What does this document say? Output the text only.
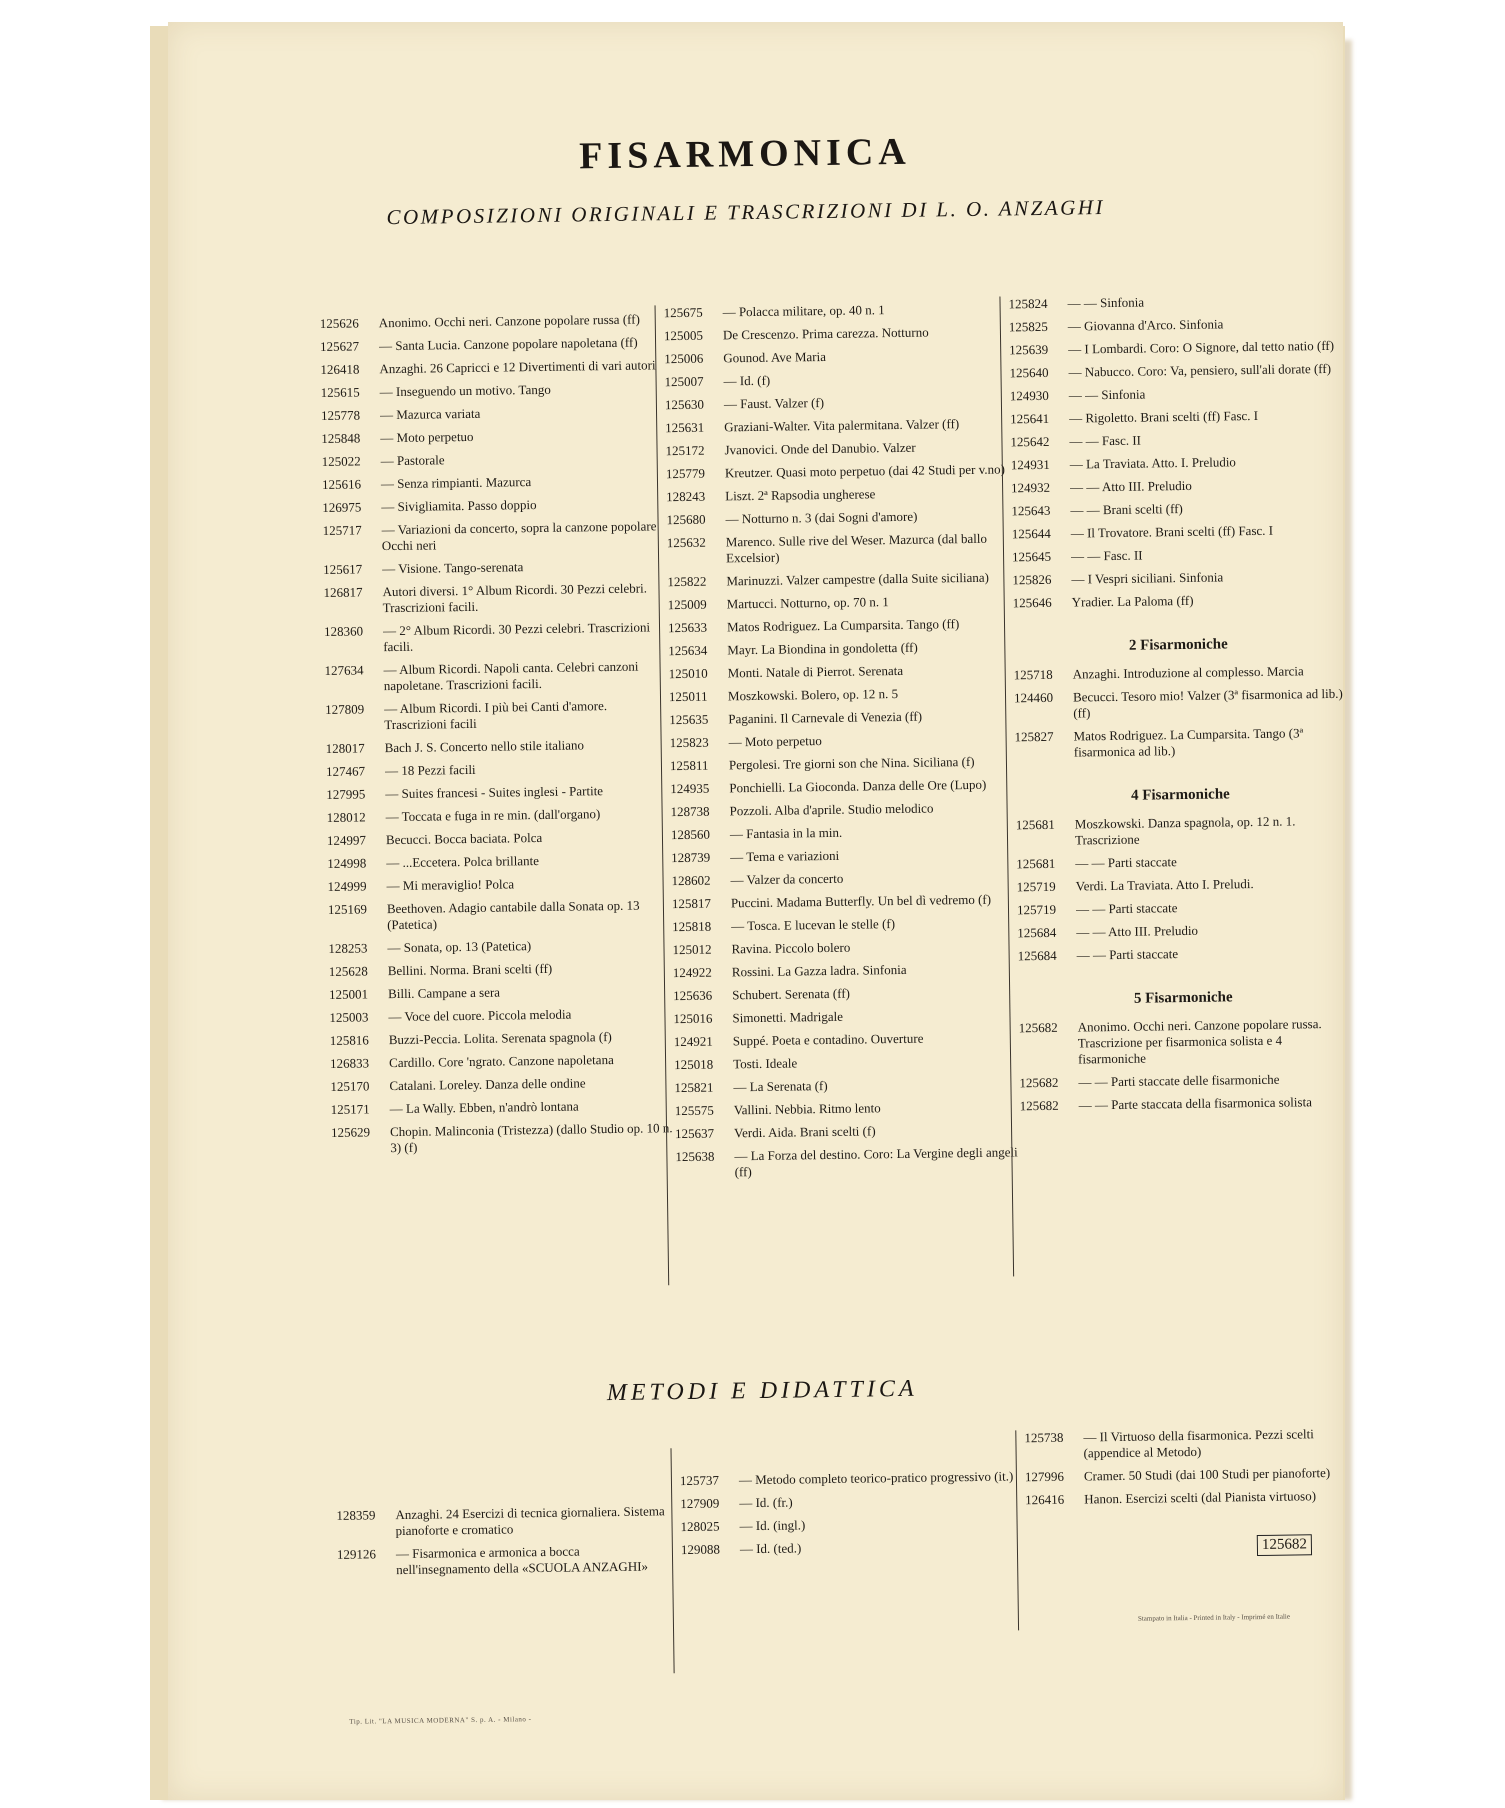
FISARMONICA
COMPOSIZIONI ORIGINALI E TRASCRIZIONI DI L. O. ANZAGHI
125626	Anonimo. Occhi neri. Canzone popolare russa (ff)
125627	— Santa Lucia. Canzone popolare napoletana (ff)
126418	Anzaghi. 26 Capricci e 12 Divertimenti di vari autori
125615	— Inseguendo un motivo. Tango
125778	— Mazurca variata
125848	— Moto perpetuo
125022	— Pastorale
125616	— Senza rimpianti. Mazurca
126975	— Sivigliamita. Passo doppio
125717	— Variazioni da concerto, sopra la canzone popolare Occhi neri
125617	— Visione. Tango-serenata
126817	Autori diversi. 1° Album Ricordi. 30 Pezzi celebri. Trascrizioni facili.
128360	— 2° Album Ricordi. 30 Pezzi celebri. Trascrizioni facili.
127634	— Album Ricordi. Napoli canta. Celebri canzoni napoletane. Trascrizioni facili.
127809	— Album Ricordi. I più bei Canti d'amore. Trascrizioni facili
128017	Bach J. S. Concerto nello stile italiano
127467	— 18 Pezzi facili
127995	— Suites francesi - Suites inglesi - Partite
128012	— Toccata e fuga in re min. (dall'organo)
124997	Becucci. Bocca baciata. Polca
124998	— ...Eccetera. Polca brillante
124999	— Mi meraviglio! Polca
125169	Beethoven. Adagio cantabile dalla Sonata op. 13 (Patetica)
128253	— Sonata, op. 13 (Patetica)
125628	Bellini. Norma. Brani scelti (ff)
125001	Billi. Campane a sera
125003	— Voce del cuore. Piccola melodia
125816	Buzzi-Peccia. Lolita. Serenata spagnola (f)
126833	Cardillo. Core 'ngrato. Canzone napoletana
125170	Catalani. Loreley. Danza delle ondine
125171	— La Wally. Ebben, n'andrò lontana
125629	Chopin. Malinconia (Tristezza) (dallo Studio op. 10 n. 3) (f)
125675	— Polacca militare, op. 40 n. 1
125005	De Crescenzo. Prima carezza. Notturno
125006	Gounod. Ave Maria
125007	— Id. (f)
125630	— Faust. Valzer (f)
125631	Graziani-Walter. Vita palermitana. Valzer (ff)
125172	Jvanovici. Onde del Danubio. Valzer
125779	Kreutzer. Quasi moto perpetuo (dai 42 Studi per v.no)
128243	Liszt. 2ª Rapsodia ungherese
125680	— Notturno n. 3 (dai Sogni d'amore)
125632	Marenco. Sulle rive del Weser. Mazurca (dal ballo Excelsior)
125822	Marinuzzi. Valzer campestre (dalla Suite siciliana)
125009	Martucci. Notturno, op. 70 n. 1
125633	Matos Rodriguez. La Cumparsita. Tango (ff)
125634	Mayr. La Biondina in gondoletta (ff)
125010	Monti. Natale di Pierrot. Serenata
125011	Moszkowski. Bolero, op. 12 n. 5
125635	Paganini. Il Carnevale di Venezia (ff)
125823	— Moto perpetuo
125811	Pergolesi. Tre giorni son che Nina. Siciliana (f)
124935	Ponchielli. La Gioconda. Danza delle Ore (Lupo)
128738	Pozzoli. Alba d'aprile. Studio melodico
128560	— Fantasia in la min.
128739	— Tema e variazioni
128602	— Valzer da concerto
125817	Puccini. Madama Butterfly. Un bel dì vedremo (f)
125818	— Tosca. E lucevan le stelle (f)
125012	Ravina. Piccolo bolero
124922	Rossini. La Gazza ladra. Sinfonia
125636	Schubert. Serenata (ff)
125016	Simonetti. Madrigale
124921	Suppé. Poeta e contadino. Ouverture
125018	Tosti. Ideale
125821	— La Serenata (f)
125575	Vallini. Nebbia. Ritmo lento
125637	Verdi. Aida. Brani scelti (f)
125638	— La Forza del destino. Coro: La Vergine degli angeli (ff)
125824	— — Sinfonia
125825	— Giovanna d'Arco. Sinfonia
125639	— I Lombardi. Coro: O Signore, dal tetto natio (ff)
125640	— Nabucco. Coro: Va, pensiero, sull'ali dorate (ff)
124930	— — Sinfonia
125641	— Rigoletto. Brani scelti (ff) Fasc. I
125642	— — Fasc. II
124931	— La Traviata. Atto. I. Preludio
124932	— — Atto III. Preludio
125643	— — Brani scelti (ff)
125644	— Il Trovatore. Brani scelti (ff) Fasc. I
125645	— — Fasc. II
125826	— I Vespri siciliani. Sinfonia
125646	Yradier. La Paloma (ff)
2 Fisarmoniche
125718	Anzaghi. Introduzione al complesso. Marcia
124460	Becucci. Tesoro mio! Valzer (3ª fisarmonica ad lib.) (ff)
125827	Matos Rodriguez. La Cumparsita. Tango (3ª fisarmonica ad lib.)
4 Fisarmoniche
125681	Moszkowski. Danza spagnola, op. 12 n. 1. Trascrizione
125681	— — Parti staccate
125719	Verdi. La Traviata. Atto I. Preludi.
125719	— — Parti staccate
125684	— — Atto III. Preludio
125684	— — Parti staccate
5 Fisarmoniche
125682	Anonimo. Occhi neri. Canzone popolare russa. Trascrizione per fisarmonica solista e 4 fisarmoniche
125682	— — Parti staccate delle fisarmoniche
125682	— — Parte staccata della fisarmonica solista
METODI E DIDATTICA
128359	Anzaghi. 24 Esercizi di tecnica giornaliera. Sistema pianoforte e cromatico
129126	— Fisarmonica e armonica a bocca nell'insegnamento della «SCUOLA ANZAGHI»
125737	— Metodo completo teorico-pratico progressivo (it.)
127909	— Id. (fr.)
128025	— Id. (ingl.)
129088	— Id. (ted.)
125738	— Il Virtuoso della fisarmonica. Pezzi scelti (appendice al Metodo)
127996	Cramer. 50 Studi (dai 100 Studi per pianoforte)
126416	Hanon. Esercizi scelti (dal Pianista virtuoso)
125682
Stampato in Italia - Printed in Italy - Imprimé en Italie
Tip. Lit. "LA MUSICA MODERNA" S. p. A. - Milano -
